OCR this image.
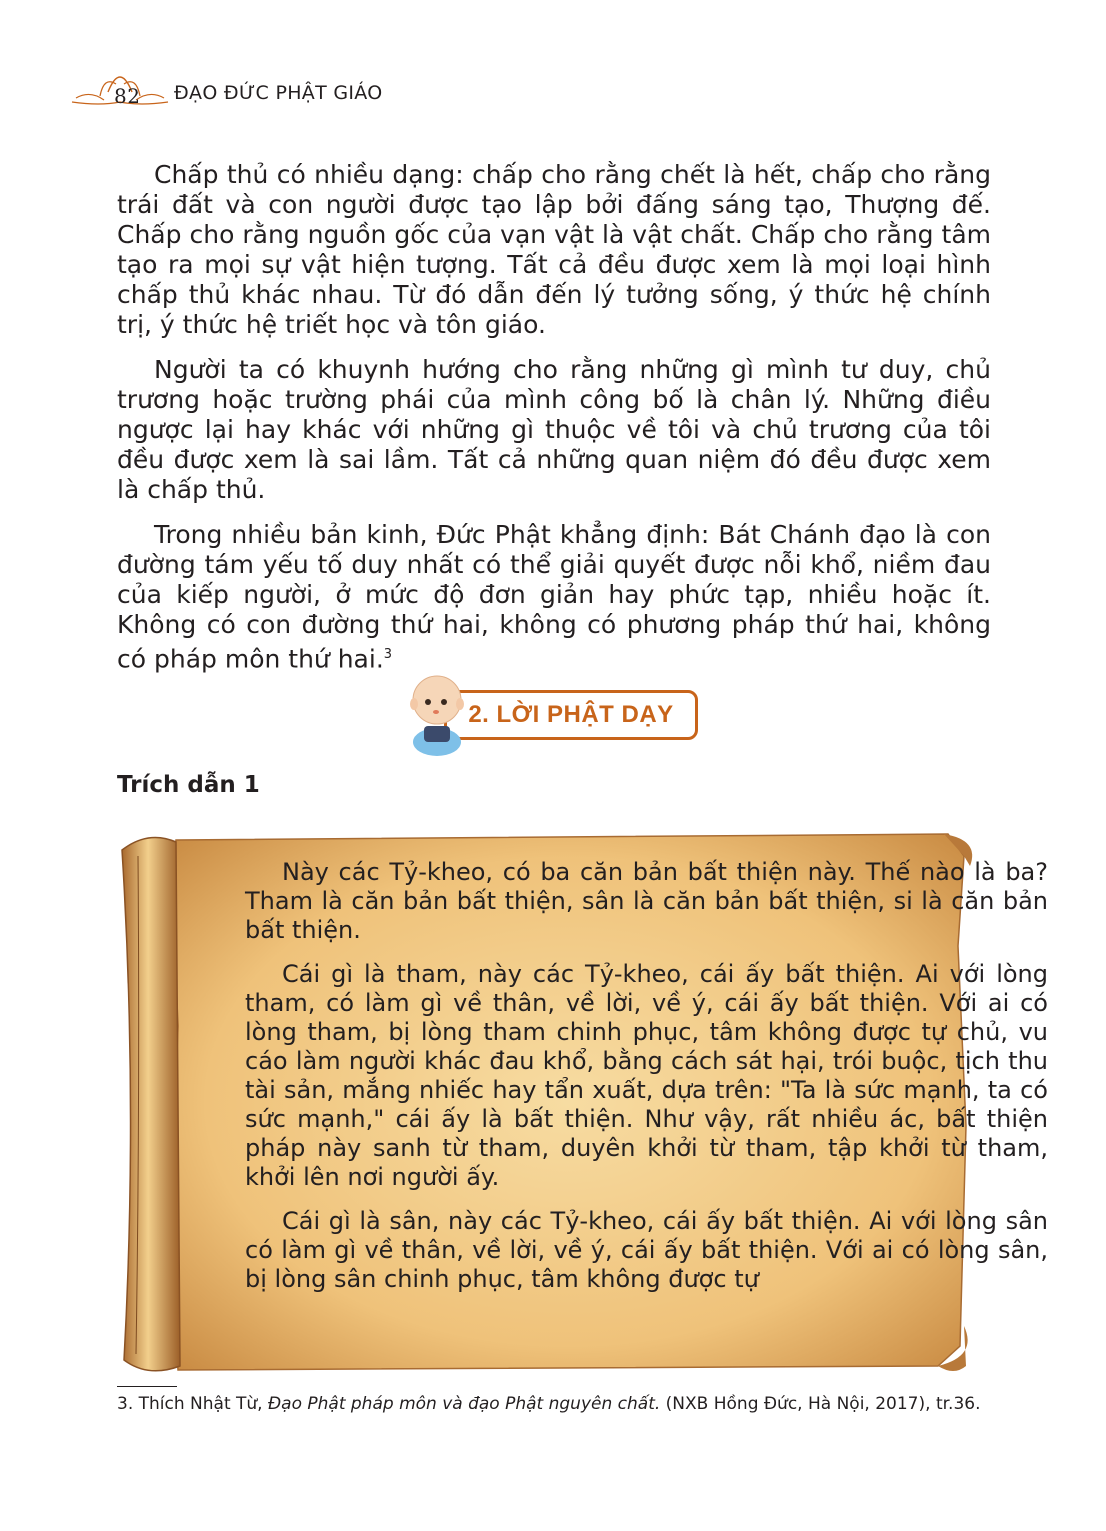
82 ĐẠO ĐỨC PHẬT GIÁO

Chấp thủ có nhiều dạng: chấp cho rằng chết là hết, chấp cho rằng trái đất và con người được tạo lập bởi đấng sáng tạo, Thượng đế. Chấp cho rằng nguồn gốc của vạn vật là vật chất. Chấp cho rằng tâm tạo ra mọi sự vật hiện tượng. Tất cả đều được xem là mọi loại hình chấp thủ khác nhau. Từ đó dẫn đến lý tưởng sống, ý thức hệ chính trị, ý thức hệ triết học và tôn giáo.

Người ta có khuynh hướng cho rằng những gì mình tư duy, chủ trương hoặc trường phái của mình công bố là chân lý. Những điều ngược lại hay khác với những gì thuộc về tôi và chủ trương của tôi đều được xem là sai lầm. Tất cả những quan niệm đó đều được xem là chấp thủ.

Trong nhiều bản kinh, Đức Phật khẳng định: Bát Chánh đạo là con đường tám yếu tố duy nhất có thể giải quyết được nỗi khổ, niềm đau của kiếp người, ở mức độ đơn giản hay phức tạp, nhiều hoặc ít. Không có con đường thứ hai, không có phương pháp thứ hai, không có pháp môn thứ hai.$^3$

2. LỜI PHẬT DẠY
Trích dẫn 1

Này các Tỷ-kheo, có ba căn bản bất thiện này. Thế nào là ba? Tham là căn bản bất thiện, sân là căn bản bất thiện, si là căn bản bất thiện.

Cái gì là tham, này các Tỷ-kheo, cái ấy bất thiện. Ai với lòng tham, có làm gì về thân, về lời, về ý, cái ấy bất thiện. Với ai có lòng tham, bị lòng tham chinh phục, tâm không được tự chủ, vu cáo làm người khác đau khổ, bằng cách sát hại, trói buộc, tịch thu tài sản, mắng nhiếc hay tẩn xuất, dựa trên: "Ta là sức mạnh, ta có sức mạnh," cái ấy là bất thiện. Như vậy, rất nhiều ác, bất thiện pháp này sanh từ tham, duyên khởi từ tham, tập khởi từ tham, khởi lên nơi người ấy.

Cái gì là sân, này các Tỷ-kheo, cái ấy bất thiện. Ai với lòng sân có làm gì về thân, về lời, về ý, cái ấy bất thiện. Với ai có lòng sân, bị lòng sân chinh phục, tâm không được tự

3. Thích Nhật Từ, Đạo Phật pháp môn và đạo Phật nguyên chất. (NXB Hồng Đức, Hà Nội, 2017), tr.36.
